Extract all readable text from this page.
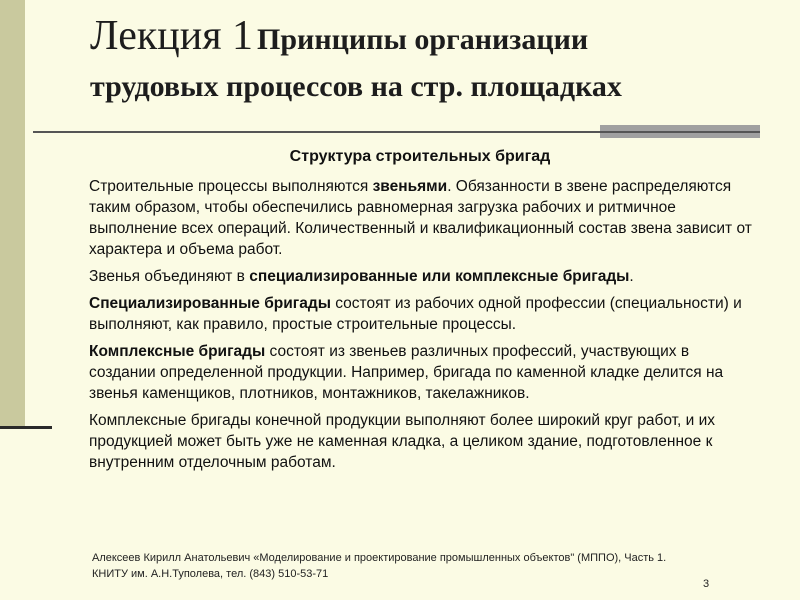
Лекция 1 Принципы организации
трудовых процессов на стр. площадках
Структура строительных бригад

Строительные процессы выполняются звеньями. Обязанности в звене распределяются таким образом, чтобы обеспечились равномерная загрузка рабочих и ритмичное выполнение всех операций. Количественный и квалификационный состав звена зависит от характера и объема работ.

Звенья объединяют в специализированные или комплексные бригады.

Специализированные бригады состоят из рабочих одной профессии (специальности) и выполняют, как правило, простые строительные процессы.

Комплексные бригады состоят из звеньев различных профессий, участвующих в создании определенной продукции. Например, бригада по каменной кладке делится на звенья каменщиков, плотников, монтажников, такелажников.

Комплексные бригады конечной продукции выполняют более широкий круг работ, и их продукцией может быть уже не каменная кладка, а целиком здание, подготовленное к внутренним отделочным работам.

Алексеев Кирилл Анатольевич «Моделирование и проектирование промышленных объектов" (МППО), Часть 1.
КНИТУ им. А.Н.Туполева, тел. (843) 510-53-71
3
